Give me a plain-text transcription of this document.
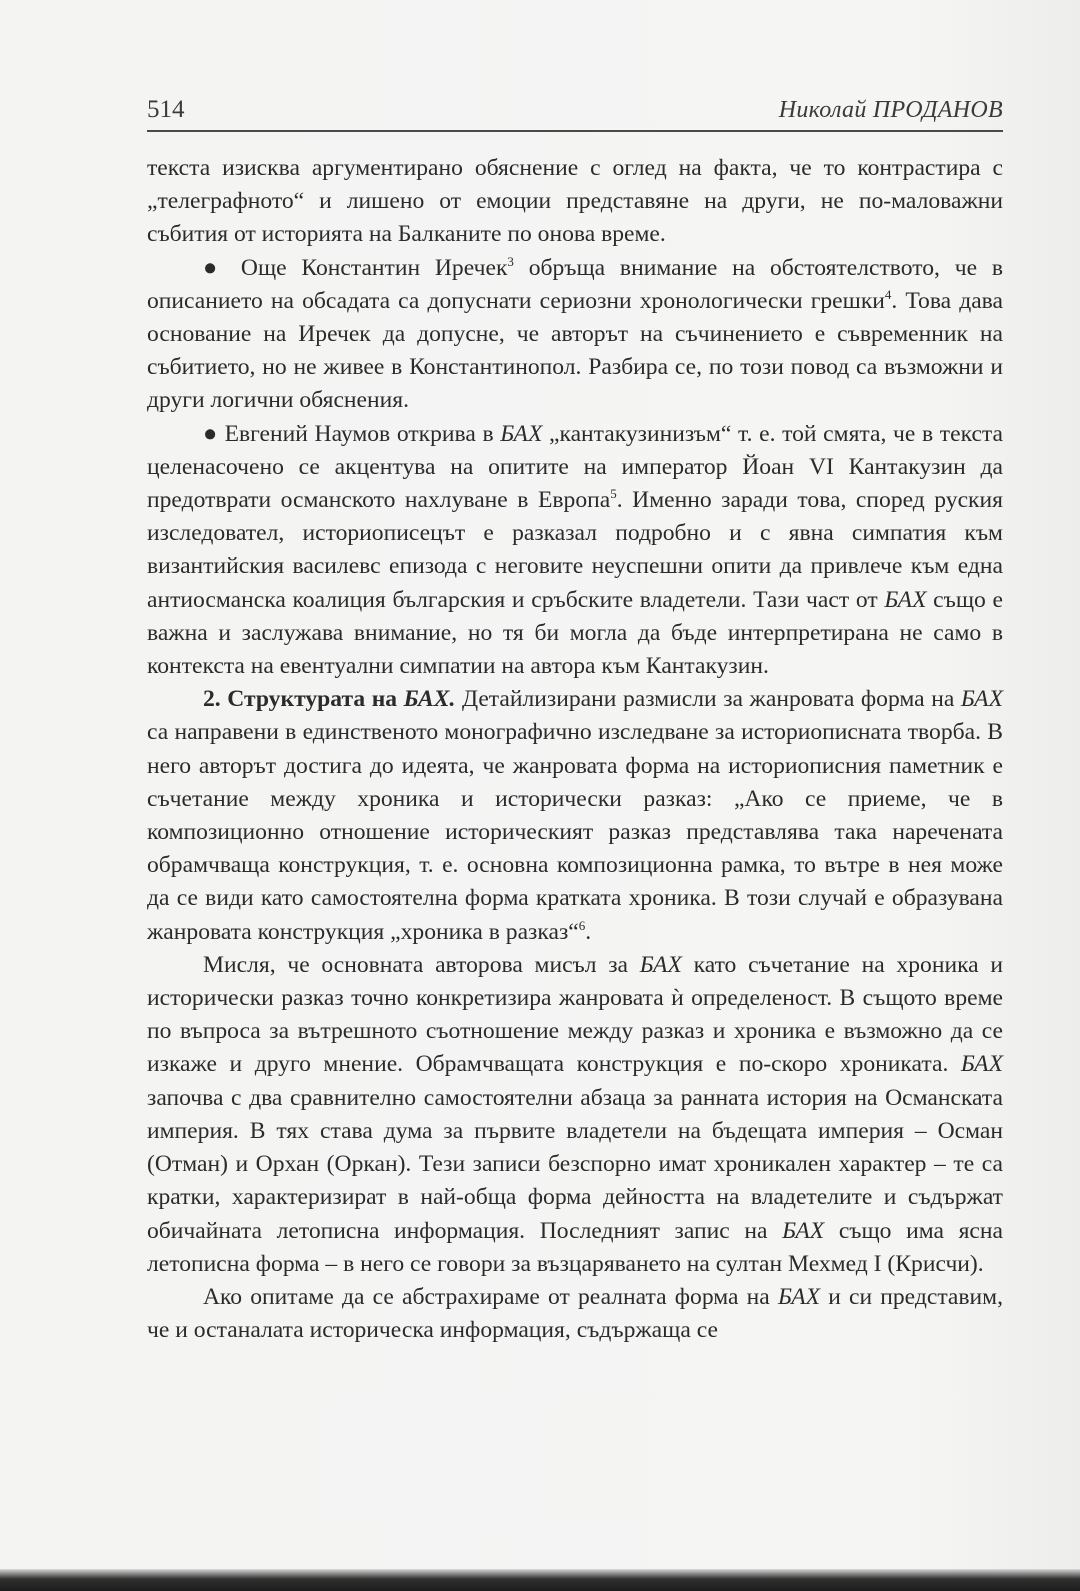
514	Николай ПРОДАНОВ

текста изисква аргументирано обяснение с оглед на факта, че то контрастира с „телеграфното“ и лишено от емоции представяне на други, не по-маловажни събития от историята на Балканите по онова време.

● Още Константин Иречек$^3$ обръща внимание на обстоятелството, че в описанието на обсадата са допуснати сериозни хронологически грешки$^4$. Това дава основание на Иречек да допусне, че авторът на съчинението е съвременник на събитието, но не живее в Константинопол. Разбира се, по този повод са възможни и други логични обяснения.

● Евгений Наумов открива в БАХ „кантакузинизъм“ т. е. той смята, че в текста целенасочено се акцентува на опитите на император Йоан VI Кантакузин да предотврати османското нахлуване в Европа$^5$. Именно заради това, според руския изследовател, историописецът е разказал подробно и с явна симпатия към византийския василевс епизода с неговите неуспешни опити да привлече към една антиосманска коалиция българския и сръбските владетели. Тази част от БАХ също е важна и заслужава внимание, но тя би могла да бъде интерпретирана не само в контекста на евентуални симпатии на автора към Кантакузин.

2. Структурата на БАХ. Детайлизирани размисли за жанровата форма на БАХ са направени в единственото монографично изследване за историописната творба. В него авторът достига до идеята, че жанровата форма на историописния паметник е съчетание между хроника и исторически разказ: „Ако се приеме, че в композиционно отношение историческият разказ представлява така наречената обрамчваща конструкция, т. е. основна композиционна рамка, то вътре в нея може да се види като самостоятелна форма кратката хроника. В този случай е образувана жанровата конструкция „хроника в разказ“$^6$.

Мисля, че основната авторова мисъл за БАХ като съчетание на хроника и исторически разказ точно конкретизира жанровата ѝ определеност. В същото време по въпроса за вътрешното съотношение между разказ и хроника е възможно да се изкаже и друго мнение. Обрамчващата конструкция е по-скоро хрониката. БАХ започва с два сравнително самостоятелни абзаца за ранната история на Османската империя. В тях става дума за първите владетели на бъдещата империя – Осман (Отман) и Орхан (Оркан). Тези записи безспорно имат хроникален характер – те са кратки, характеризират в най-обща форма дейността на владетелите и съдържат обичайната летописна информация. Последният запис на БАХ също има ясна летописна форма – в него се говори за възцаряването на султан Мехмед I (Крисчи).

Ако опитаме да се абстрахираме от реалната форма на БАХ и си представим, че и останалата историческа информация, съдържаща се
